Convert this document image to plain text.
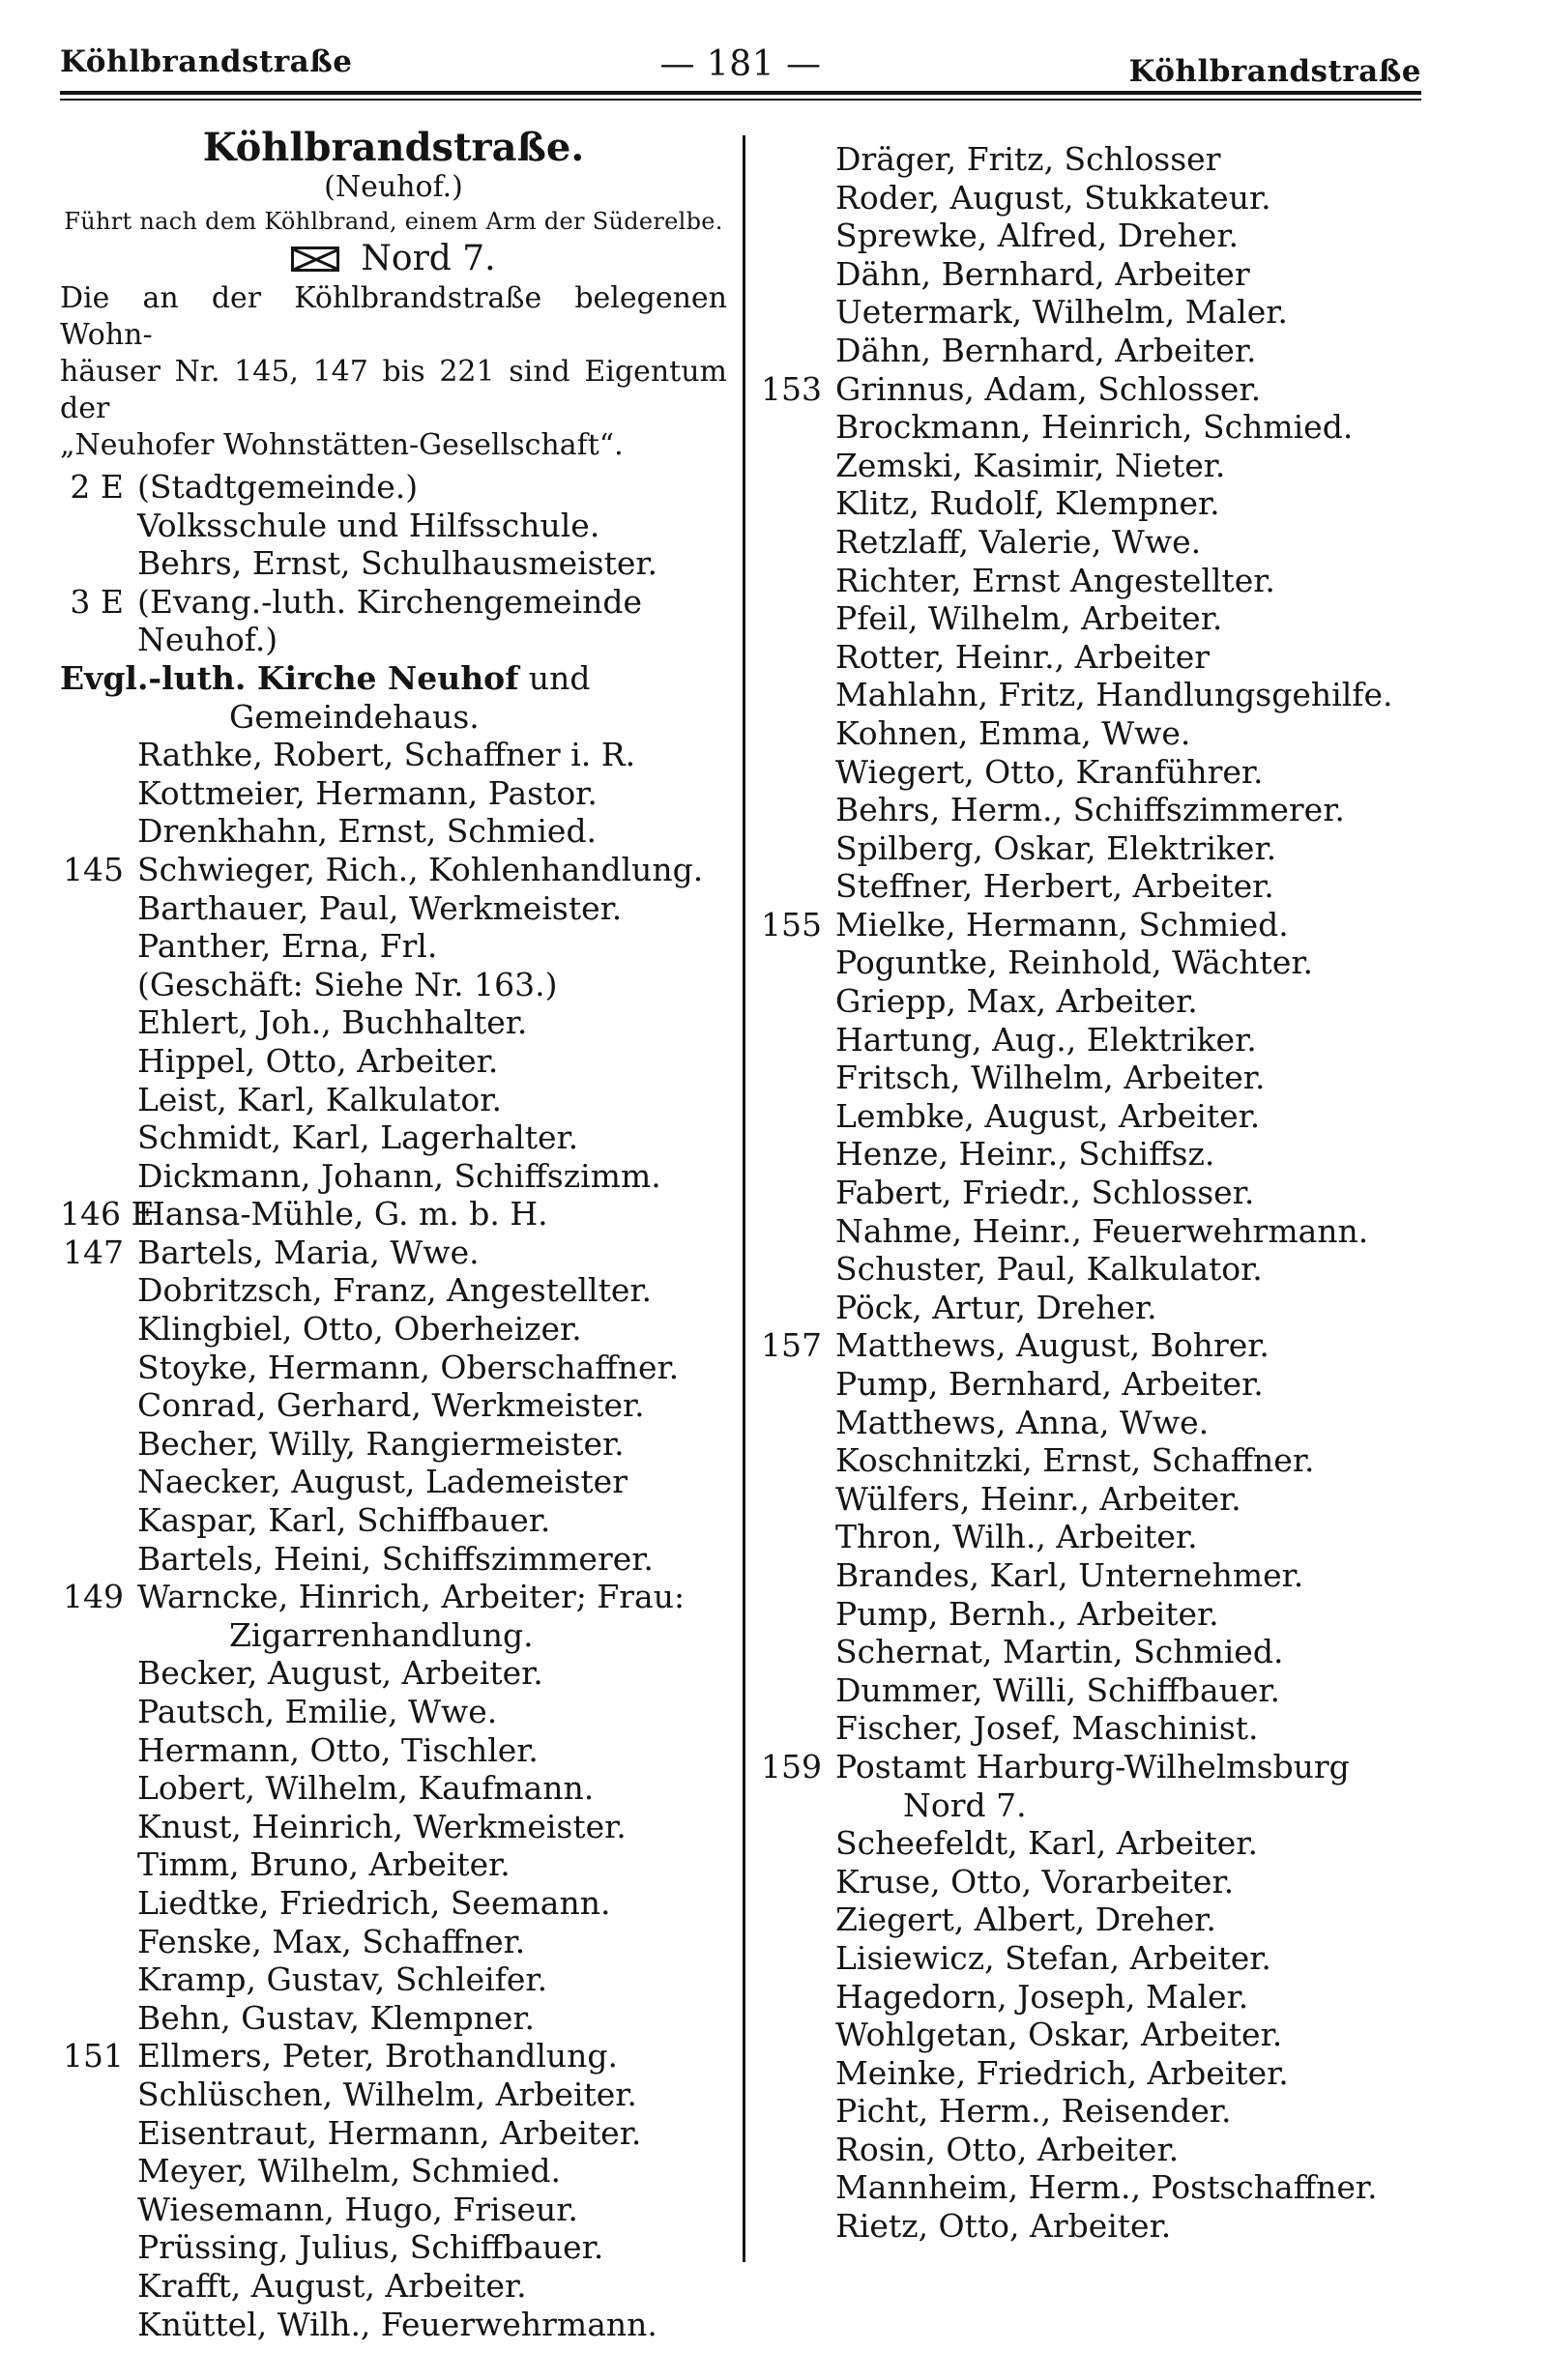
Köhlbrandstraße	— 181 —	Köhlbrandstraße
Köhlbrandstraße.
(Neuhof.)
Führt nach dem Köhlbrand, einem Arm der Süderelbe.
Nord 7.
Die an der Köhlbrandstraße belegenen Wohn-
häuser Nr. 145, 147 bis 221 sind Eigentum der
„Neuhofer Wohnstätten-Gesellschaft“.
2 E (Stadtgemeinde.)
Volksschule und Hilfsschule.
Behrs, Ernst, Schulhausmeister.
3 E (Evang.-luth. Kirchengemeinde
Neuhof.)
Evgl.-luth. Kirche Neuhof und
Gemeindehaus.
Rathke, Robert, Schaffner i. R.
Kottmeier, Hermann, Pastor.
Drenkhahn, Ernst, Schmied.
145 Schwieger, Rich., Kohlenhandlung.
Barthauer, Paul, Werkmeister.
Panther, Erna, Frl.
(Geschäft: Siehe Nr. 163.)
Ehlert, Joh., Buchhalter.
Hippel, Otto, Arbeiter.
Leist, Karl, Kalkulator.
Schmidt, Karl, Lagerhalter.
Dickmann, Johann, Schiffszimm.
146 E
Hansa-Mühle, G. m. b. H.
147 Bartels, Maria, Wwe.
Dobritzsch, Franz, Angestellter.
Klingbiel, Otto, Oberheizer.
Stoyke, Hermann, Oberschaffner.
Conrad, Gerhard, Werkmeister.
Becher, Willy, Rangiermeister.
Naecker, August, Lademeister
Kaspar, Karl, Schiffbauer.
Bartels, Heini, Schiffszimmerer.
149 Warncke, Hinrich, Arbeiter; Frau:
Zigarrenhandlung.
Becker, August, Arbeiter.
Pautsch, Emilie, Wwe.
Hermann, Otto, Tischler.
Lobert, Wilhelm, Kaufmann.
Knust, Heinrich, Werkmeister.
Timm, Bruno, Arbeiter.
Liedtke, Friedrich, Seemann.
Fenske, Max, Schaffner.
Kramp, Gustav, Schleifer.
Behn, Gustav, Klempner.
151 Ellmers, Peter, Brothandlung.
Schlüschen, Wilhelm, Arbeiter.
Eisentraut, Hermann, Arbeiter.
Meyer, Wilhelm, Schmied.
Wiesemann, Hugo, Friseur.
Prüssing, Julius, Schiffbauer.
Krafft, August, Arbeiter.
Knüttel, Wilh., Feuerwehrmann.
Dräger, Fritz, Schlosser
Roder, August, Stukkateur.
Sprewke, Alfred, Dreher.
Dähn, Bernhard, Arbeiter
Uetermark, Wilhelm, Maler.
Dähn, Bernhard, Arbeiter.
153 Grinnus, Adam, Schlosser.
Brockmann, Heinrich, Schmied.
Zemski, Kasimir, Nieter.
Klitz, Rudolf, Klempner.
Retzlaff, Valerie, Wwe.
Richter, Ernst Angestellter.
Pfeil, Wilhelm, Arbeiter.
Rotter, Heinr., Arbeiter
Mahlahn, Fritz, Handlungsgehilfe.
Kohnen, Emma, Wwe.
Wiegert, Otto, Kranführer.
Behrs, Herm., Schiffszimmerer.
Spilberg, Oskar, Elektriker.
Steffner, Herbert, Arbeiter.
155 Mielke, Hermann, Schmied.
Poguntke, Reinhold, Wächter.
Griepp, Max, Arbeiter.
Hartung, Aug., Elektriker.
Fritsch, Wilhelm, Arbeiter.
Lembke, August, Arbeiter.
Henze, Heinr., Schiffsz.
Fabert, Friedr., Schlosser.
Nahme, Heinr., Feuerwehrmann.
Schuster, Paul, Kalkulator.
Pöck, Artur, Dreher.
157 Matthews, August, Bohrer.
Pump, Bernhard, Arbeiter.
Matthews, Anna, Wwe.
Koschnitzki, Ernst, Schaffner.
Wülfers, Heinr., Arbeiter.
Thron, Wilh., Arbeiter.
Brandes, Karl, Unternehmer.
Pump, Bernh., Arbeiter.
Schernat, Martin, Schmied.
Dummer, Willi, Schiffbauer.
Fischer, Josef, Maschinist.
159 Postamt Harburg-Wilhelmsburg
Nord 7.
Scheefeldt, Karl, Arbeiter.
Kruse, Otto, Vorarbeiter.
Ziegert, Albert, Dreher.
Lisiewicz, Stefan, Arbeiter.
Hagedorn, Joseph, Maler.
Wohlgetan, Oskar, Arbeiter.
Meinke, Friedrich, Arbeiter.
Picht, Herm., Reisender.
Rosin, Otto, Arbeiter.
Mannheim, Herm., Postschaffner.
Rietz, Otto, Arbeiter.
